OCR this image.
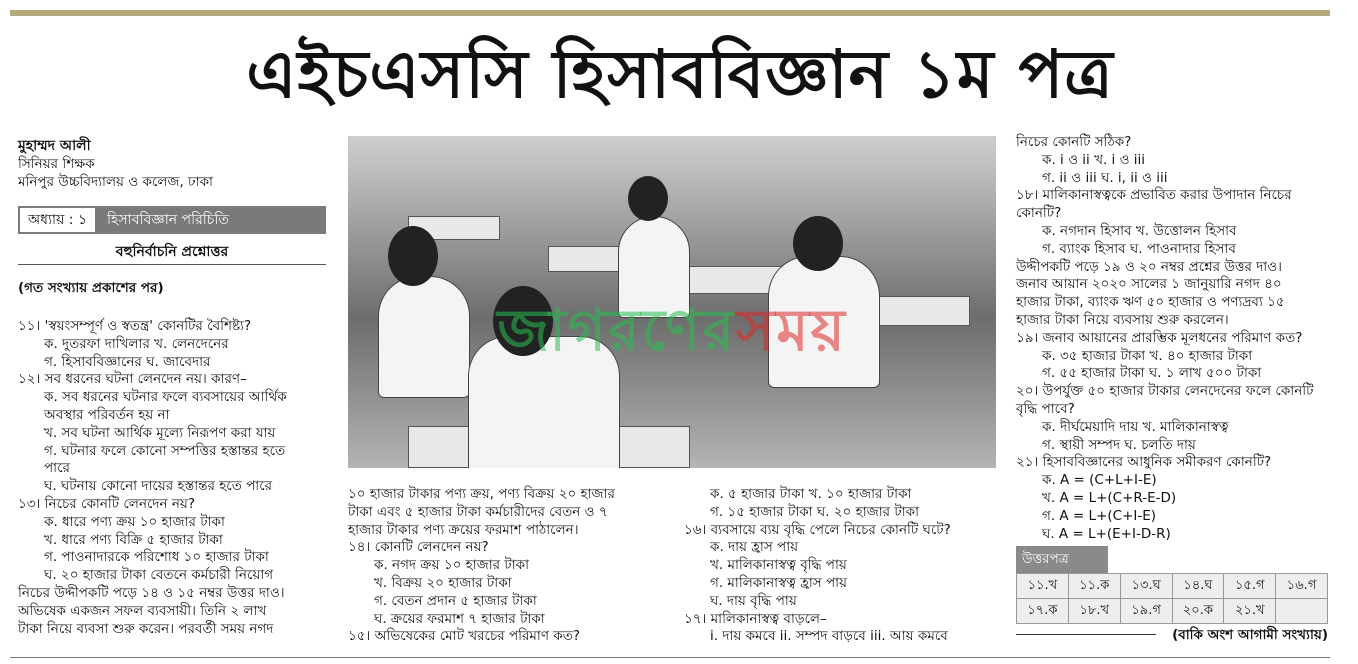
এইচএসসি হিসাববিজ্ঞান ১ম পত্র

মুহাম্মদ আলী

সিনিয়র শিক্ষক

মনিপুর উচ্চবিদ্যালয় ও কলেজ, ঢাকা

অধ্যায় : ১	হিসাববিজ্ঞান পরিচিতি
বহুনির্বাচনি প্রশ্নোত্তর

(গত সংখ্যায় প্রকাশের পর)

১১। 'স্বয়ংসম্পূর্ণ ও স্বতন্ত্র' কোনটির বৈশিষ্ট্য?

ক. দুতরফা দাখিলার খ. লেনদেনের

গ. হিসাববিজ্ঞানের ঘ. জাবেদার

১২। সব ধরনের ঘটনা লেনদেন নয়। কারণ–

ক. সব ধরনের ঘটনার ফলে ব্যবসায়ের আর্থিক

অবস্থার পরিবর্তন হয় না

খ. সব ঘটনা আর্থিক মূল্যে নিরূপণ করা যায়

গ. ঘটনার ফলে কোনো সম্পত্তির হস্তান্তর হতে

পারে

ঘ. ঘটনায় কোনো দায়ের হস্তান্তর হতে পারে

১৩। নিচের কোনটি লেনদেন নয়?

ক. ধারে পণ্য ক্রয় ১০ হাজার টাকা

খ. ধারে পণ্য বিক্রি ৫ হাজার টাকা

গ. পাওনাদারকে পরিশোধ ১০ হাজার টাকা

ঘ. ২০ হাজার টাকা বেতনে কর্মচারী নিয়োগ

নিচের উদ্দীপকটি পড়ে ১৪ ও ১৫ নম্বর উত্তর দাও।

অভিষেক একজন সফল ব্যবসায়ী। তিনি ২ লাখ

টাকা নিয়ে ব্যবসা শুরু করেন। পরবর্তী সময় নগদ

জাগরণেরসময়

১০ হাজার টাকার পণ্য ক্রয়, পণ্য বিক্রয় ২০ হাজার

টাকা এবং ৫ হাজার টাকা কর্মচারীদের বেতন ও ৭

হাজার টাকার পণ্য ক্রয়ের ফরমাশ পাঠালেন।

১৪। কোনটি লেনদেন নয়?

ক. নগদ ক্রয় ১০ হাজার টাকা

খ. বিক্রয় ২০ হাজার টাকা

গ. বেতন প্রদান ৫ হাজার টাকা

ঘ. ক্রয়ের ফরমাশ ৭ হাজার টাকা

১৫। অভিষেকের মোট খরচের পরিমাণ কত?

ক. ৫ হাজার টাকা খ. ১০ হাজার টাকা

গ. ১৫ হাজার টাকা ঘ. ২০ হাজার টাকা

১৬। ব্যবসায়ে ব্যয় বৃদ্ধি পেলে নিচের কোনটি ঘটে?

ক. দায় হ্রাস পায়

খ. মালিকানাস্বত্ব বৃদ্ধি পায়

গ. মালিকানাস্বত্ব হ্রাস পায়

ঘ. দায় বৃদ্ধি পায়

১৭। মালিকানাস্বত্ব বাড়লে–

i. দায় কমবে ii. সম্পদ বাড়বে iii. আয় কমবে

নিচের কোনটি সঠিক?

ক. i ও ii খ. i ও iii

গ. ii ও iii ঘ. i, ii ও iii

১৮। মালিকানাস্বত্বকে প্রভাবিত করার উপাদান নিচের

কোনটি?

ক. নগদান হিসাব খ. উত্তোলন হিসাব

গ. ব্যাংক হিসাব ঘ. পাওনাদার হিসাব

উদ্দীপকটি পড়ে ১৯ ও ২০ নম্বর প্রশ্নের উত্তর দাও।

জনাব আয়ান ২০২০ সালের ১ জানুয়ারি নগদ ৪০

হাজার টাকা, ব্যাংক ঋণ ৫০ হাজার ও পণ্যদ্রব্য ১৫

হাজার টাকা নিয়ে ব্যবসায় শুরু করলেন।

১৯। জনাব আয়ানের প্রারম্ভিক মূলধনের পরিমাণ কত?

ক. ৩৫ হাজার টাকা খ. ৪০ হাজার টাকা

গ. ৫৫ হাজার টাকা ঘ. ১ লাখ ৫০০ টাকা

২০। উপর্যুক্ত ৫০ হাজার টাকার লেনদেনের ফলে কোনটি

বৃদ্ধি পাবে?

ক. দীর্ঘমেয়াদি দায় খ. মালিকানাস্বত্ব

গ. স্থায়ী সম্পদ ঘ. চলতি দায়

২১। হিসাববিজ্ঞানের আধুনিক সমীকরণ কোনটি?

ক. A = (C+L+I-E)

খ. A = L+(C+R-E-D)

গ. A = L+(C+I-E)

ঘ. A = L+(E+I-D-R)

উত্তরপত্র
১১.খ	১১.ক	১৩.ঘ	১৪.ঘ	১৫.গ	১৬.গ
১৭.ক	১৮.খ	১৯.গ	২০.ক	২১.খ	
(বাকি অংশ আগামী সংখ্যায়)
